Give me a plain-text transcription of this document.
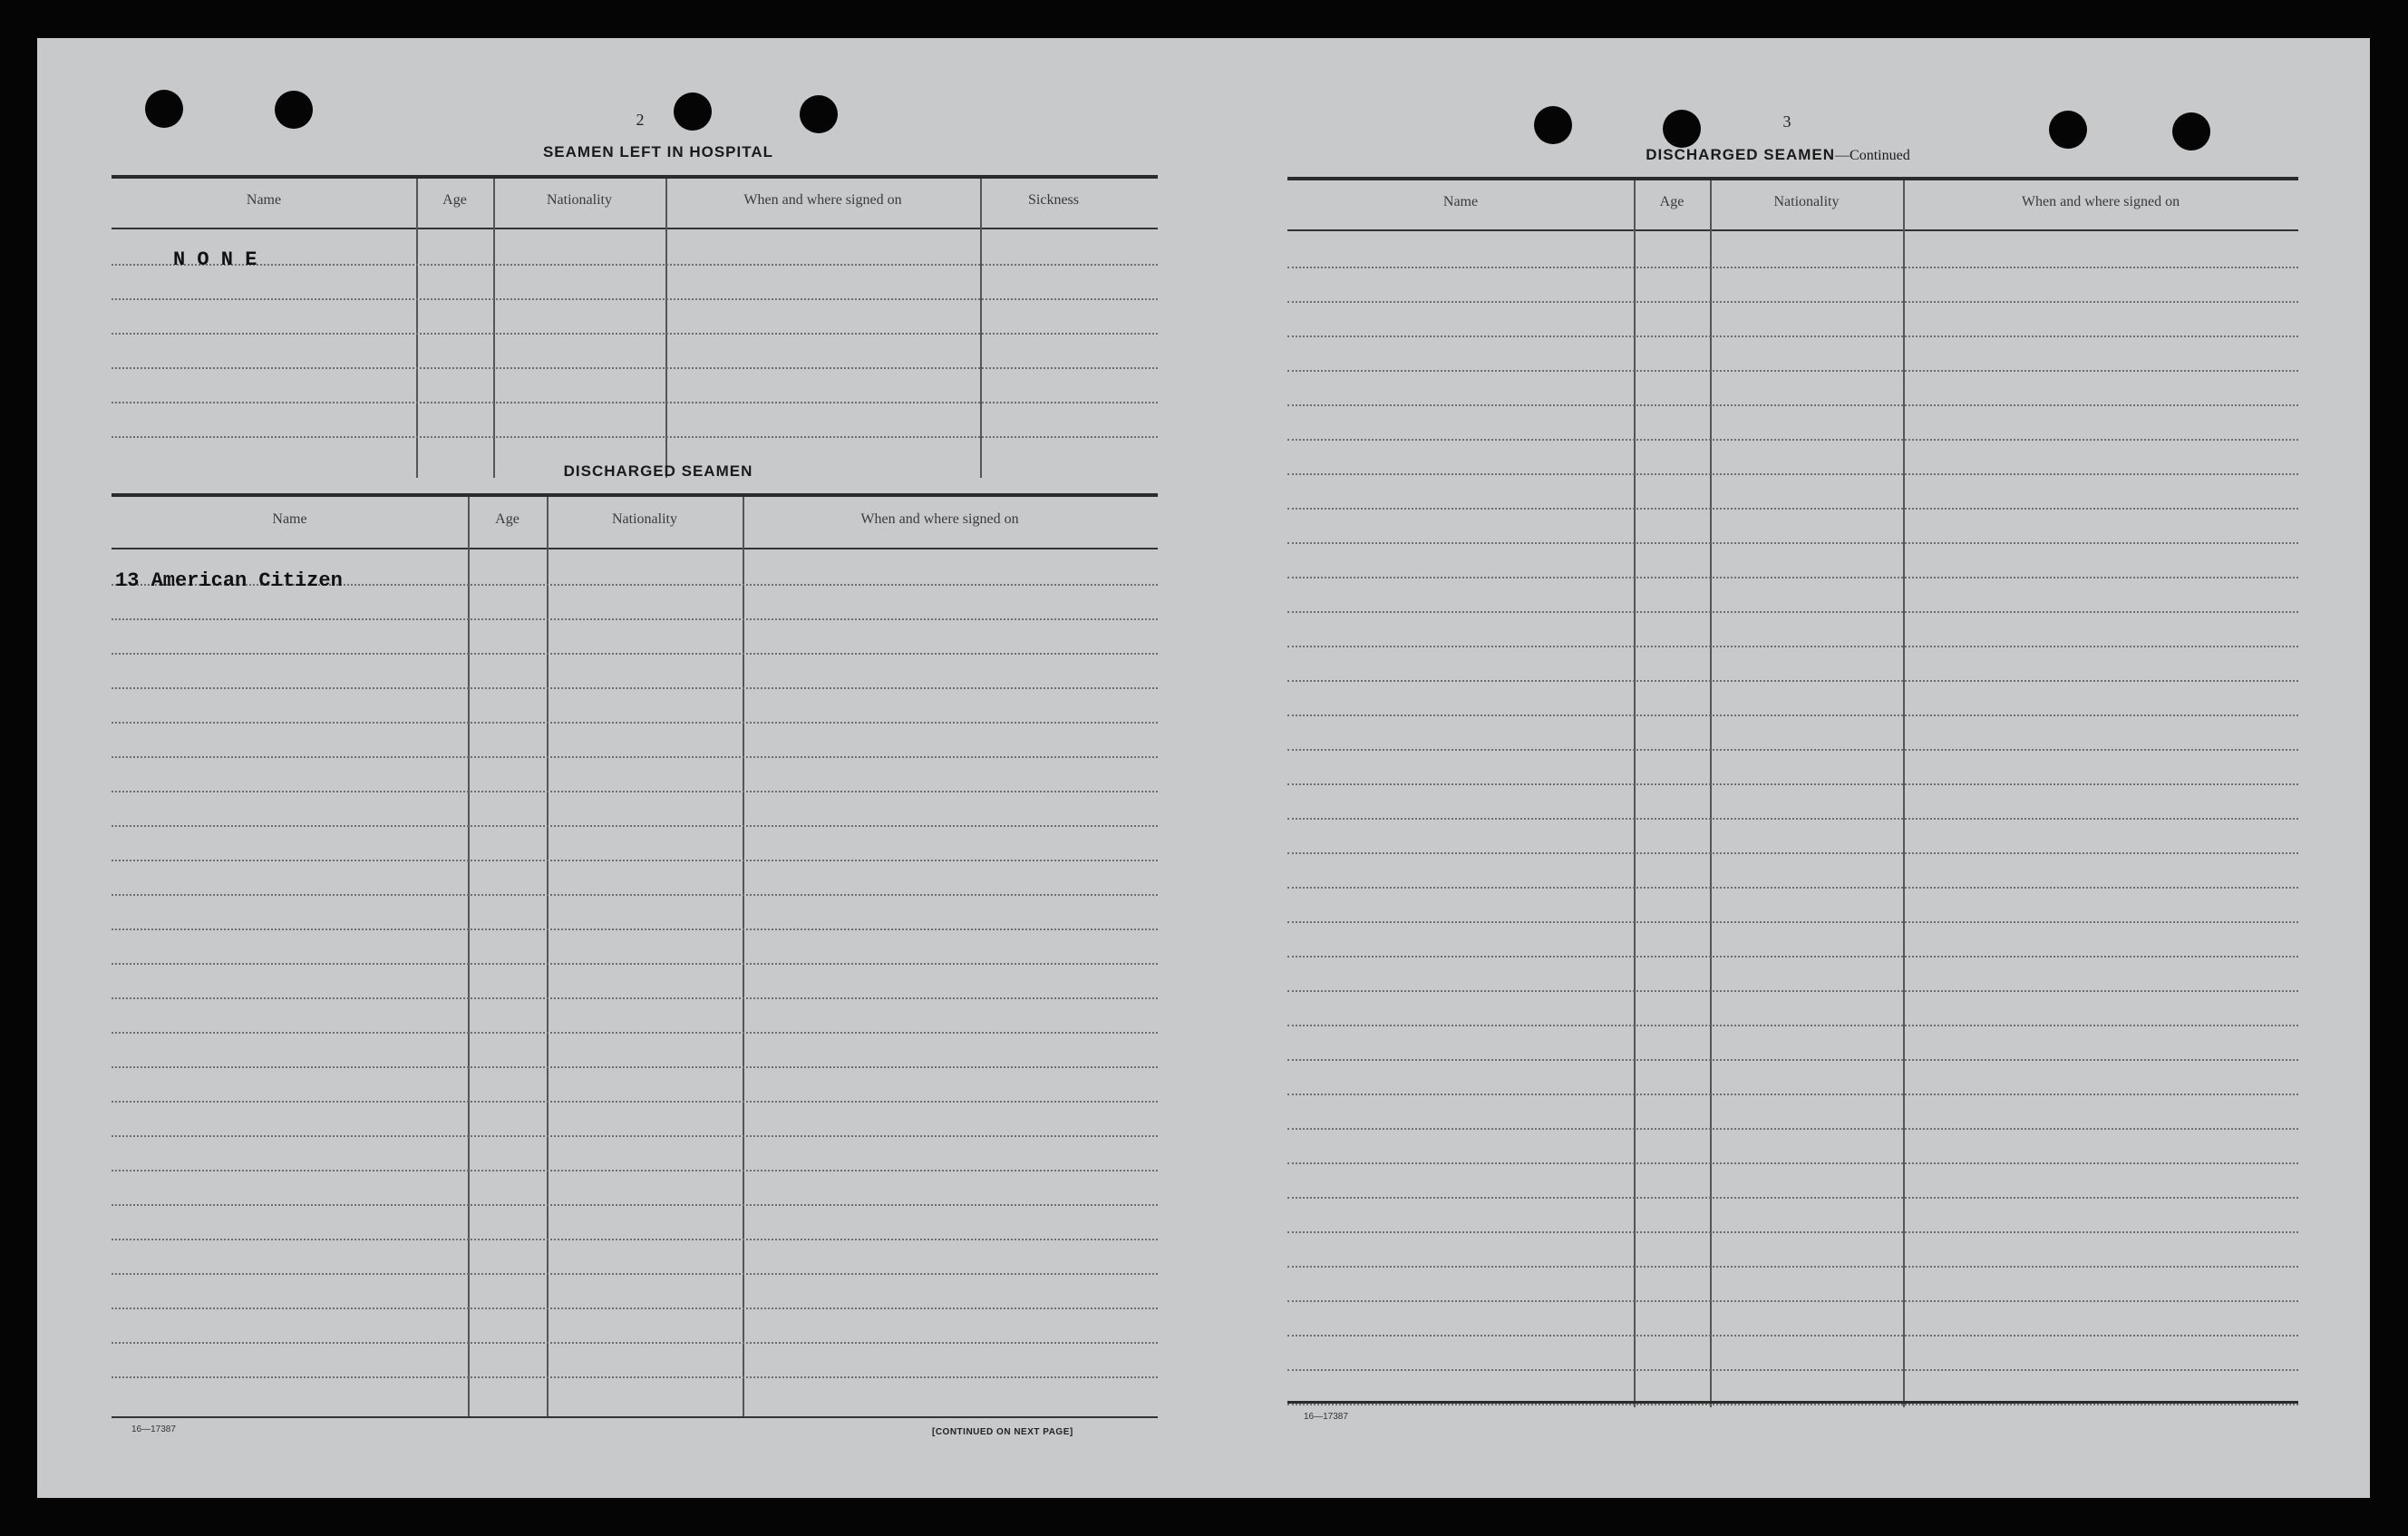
2
SEAMEN LEFT IN HOSPITAL
Name	Age	Nationality	When and where signed on	Sickness
N O N E
DISCHARGED SEAMEN
Name	Age	Nationality	When and where signed on
13 American Citizen
16—17387	[CONTINUED ON NEXT PAGE]
3
DISCHARGED SEAMEN—Continued
Name	Age	Nationality	When and where signed on
16—17387
